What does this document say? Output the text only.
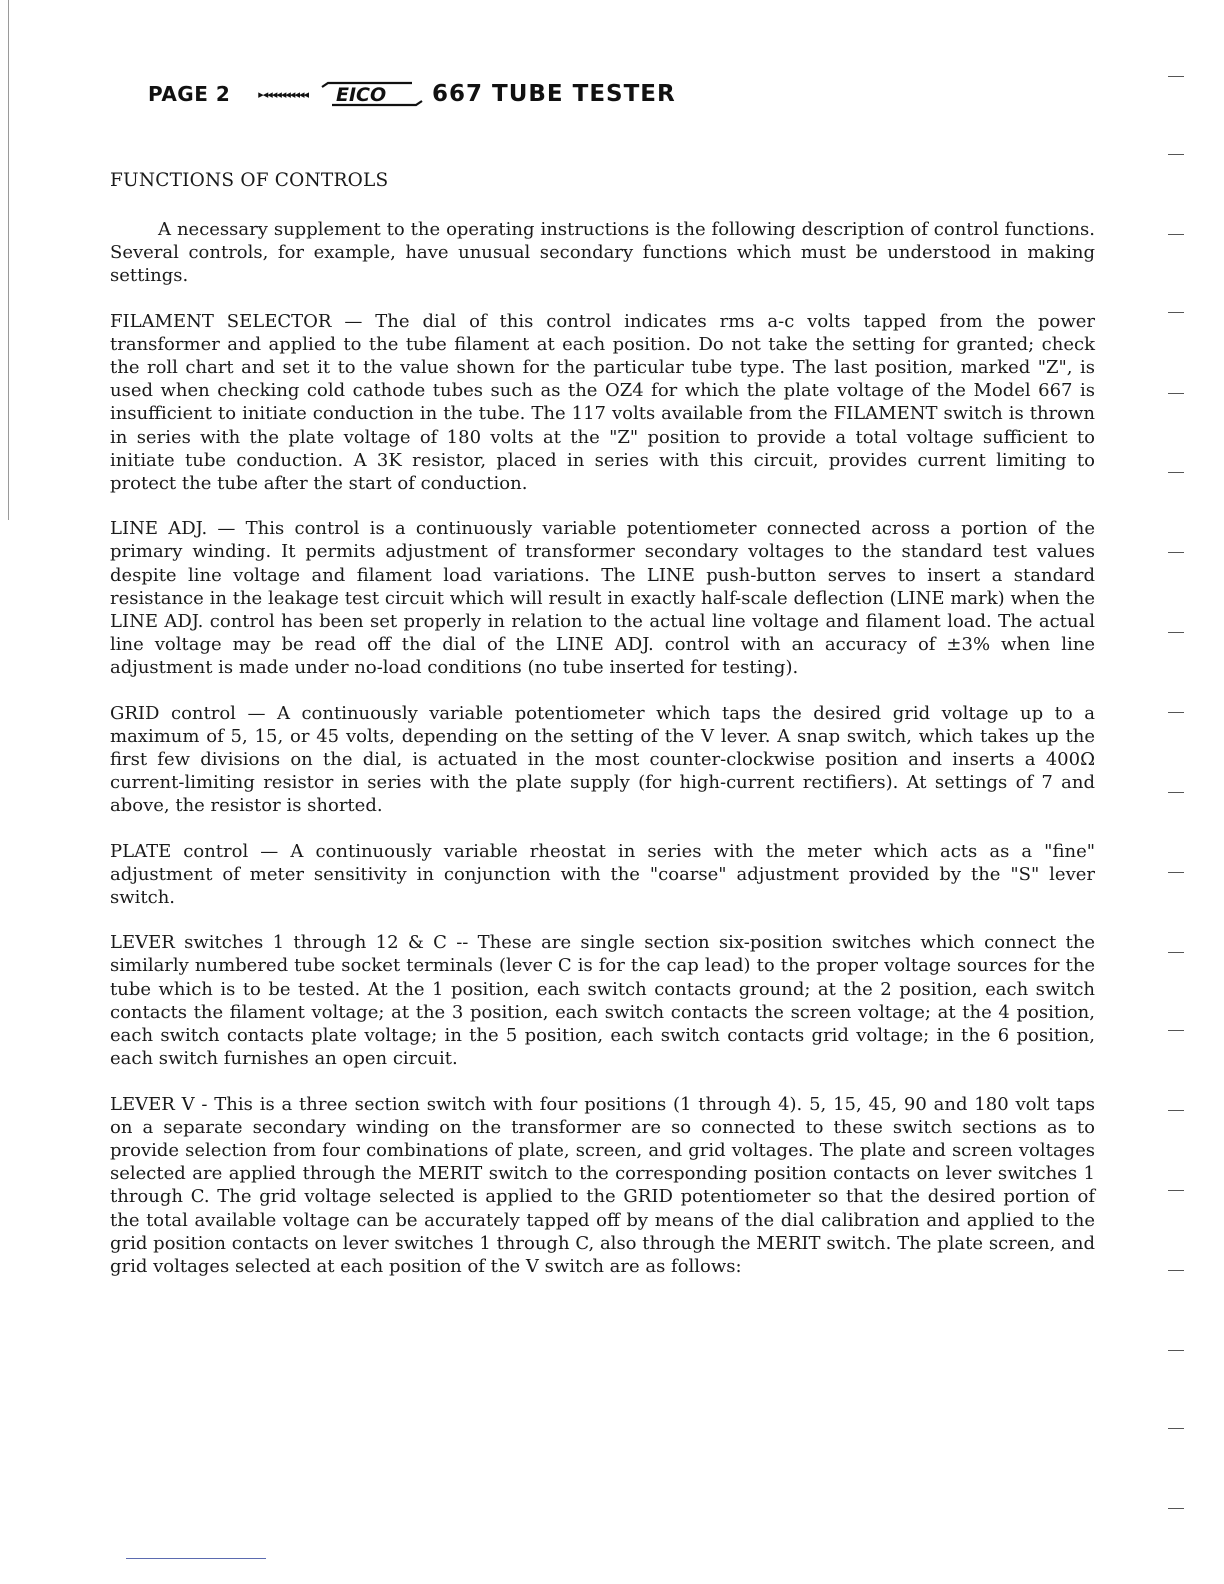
PAGE 2	▸◂◂◂◂◂◂◂◂◂◂ EICO 667 TUBE TESTER
FUNCTIONS OF CONTROLS

A necessary supplement to the operating instructions is the following description of control functions. Several controls, for example, have unusual secondary functions which must be understood in making settings.

FILAMENT SELECTOR — The dial of this control indicates rms a-c volts tapped from the power transformer and applied to the tube filament at each position. Do not take the setting for granted; check the roll chart and set it to the value shown for the particular tube type. The last position, marked "Z", is used when checking cold cathode tubes such as the OZ4 for which the plate voltage of the Model 667 is insufficient to initiate conduction in the tube. The 117 volts available from the FILAMENT switch is thrown in series with the plate voltage of 180 volts at the "Z" position to provide a total voltage sufficient to initiate tube conduction. A 3K resistor, placed in series with this circuit, provides current limiting to protect the tube after the start of conduction.

LINE ADJ. — This control is a continuously variable potentiometer connected across a portion of the primary winding. It permits adjustment of transformer secondary voltages to the standard test values despite line voltage and filament load variations. The LINE push-button serves to insert a standard resistance in the leakage test circuit which will result in exactly half-scale deflection (LINE mark) when the LINE ADJ. control has been set properly in relation to the actual line voltage and filament load. The actual line voltage may be read off the dial of the LINE ADJ. control with an accuracy of ±3% when line adjustment is made under no-load conditions (no tube inserted for testing).

GRID control — A continuously variable potentiometer which taps the desired grid voltage up to a maximum of 5, 15, or 45 volts, depending on the setting of the V lever. A snap switch, which takes up the first few divisions on the dial, is actuated in the most counter-clockwise position and inserts a 400Ω current-limiting resistor in series with the plate supply (for high-current rectifiers). At settings of 7 and above, the resistor is shorted.

PLATE control — A continuously variable rheostat in series with the meter which acts as a "fine" adjustment of meter sensitivity in conjunction with the "coarse" adjustment provided by the "S" lever switch.

LEVER switches 1 through 12 & C -- These are single section six-position switches which connect the similarly numbered tube socket terminals (lever C is for the cap lead) to the proper voltage sources for the tube which is to be tested. At the 1 position, each switch contacts ground; at the 2 position, each switch contacts the filament voltage; at the 3 position, each switch contacts the screen voltage; at the 4 position, each switch contacts plate voltage; in the 5 position, each switch contacts grid voltage; in the 6 position, each switch furnishes an open circuit.

LEVER V - This is a three section switch with four positions (1 through 4). 5, 15, 45, 90 and 180 volt taps on a separate secondary winding on the transformer are so connected to these switch sections as to provide selection from four combinations of plate, screen, and grid voltages. The plate and screen voltages selected are applied through the MERIT switch to the corresponding position contacts on lever switches 1 through C. The grid voltage selected is applied to the GRID potentiometer so that the desired portion of the total available voltage can be accurately tapped off by means of the dial calibration and applied to the grid position contacts on lever switches 1 through C, also through the MERIT switch. The plate screen, and grid voltages selected at each position of the V switch are as follows:
